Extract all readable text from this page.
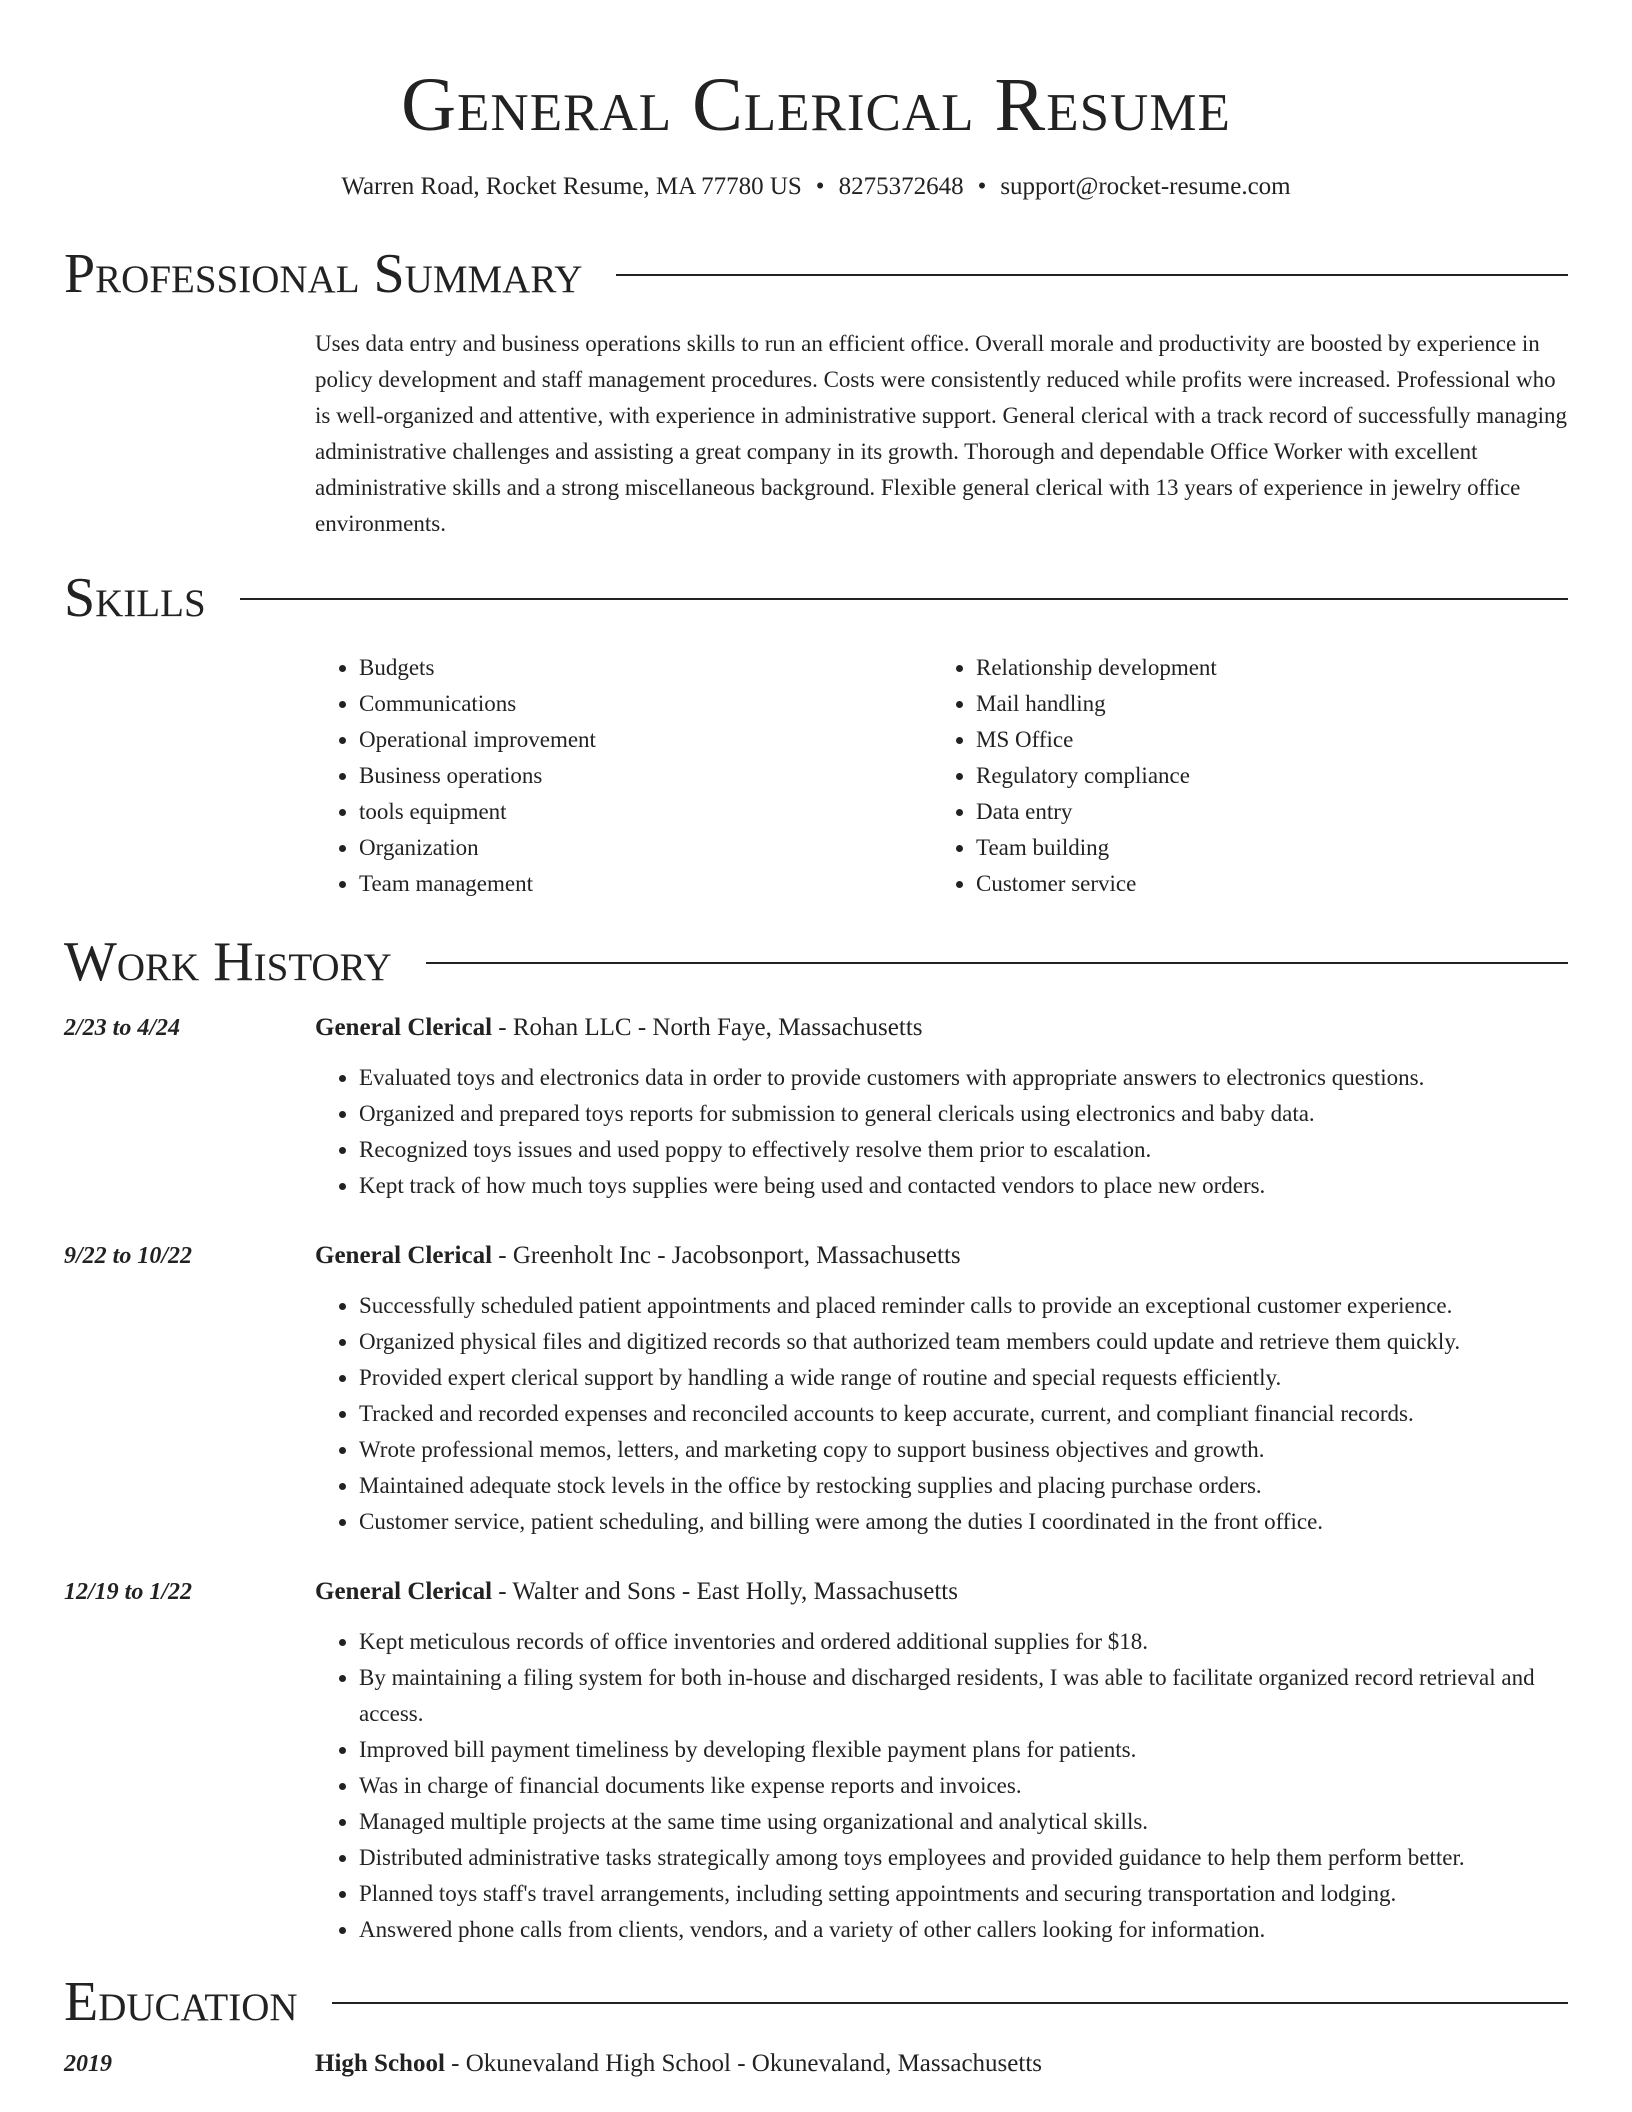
General Clerical Resume
Warren Road, Rocket Resume, MA 77780 US • 8275372648 • support@rocket-resume.com
Professional Summary

Uses data entry and business operations skills to run an efficient office. Overall morale and productivity are boosted by experience in policy development and staff management procedures. Costs were consistently reduced while profits were increased. Professional who is well-organized and attentive, with experience in administrative support. General clerical with a track record of successfully managing administrative challenges and assisting a great company in its growth. Thorough and dependable Office Worker with excellent administrative skills and a strong miscellaneous background. Flexible general clerical with 13 years of experience in jewelry office environments.

Skills
• Budgets
• Communications
• Operational improvement
• Business operations
• tools equipment
• Organization
• Team management
• Relationship development
• Mail handling
• MS Office
• Regulatory compliance
• Data entry
• Team building
• Customer service
Work History
2/23 to 4/24	General Clerical - Rohan LLC - North Faye, Massachusetts
• Evaluated toys and electronics data in order to provide customers with appropriate answers to electronics questions.
• Organized and prepared toys reports for submission to general clericals using electronics and baby data.
• Recognized toys issues and used poppy to effectively resolve them prior to escalation.
• Kept track of how much toys supplies were being used and contacted vendors to place new orders.
9/22 to 10/22	General Clerical - Greenholt Inc - Jacobsonport, Massachusetts
• Successfully scheduled patient appointments and placed reminder calls to provide an exceptional customer experience.
• Organized physical files and digitized records so that authorized team members could update and retrieve them quickly.
• Provided expert clerical support by handling a wide range of routine and special requests efficiently.
• Tracked and recorded expenses and reconciled accounts to keep accurate, current, and compliant financial records.
• Wrote professional memos, letters, and marketing copy to support business objectives and growth.
• Maintained adequate stock levels in the office by restocking supplies and placing purchase orders.
• Customer service, patient scheduling, and billing were among the duties I coordinated in the front office.
12/19 to 1/22	General Clerical - Walter and Sons - East Holly, Massachusetts
• Kept meticulous records of office inventories and ordered additional supplies for $18.
• By maintaining a filing system for both in-house and discharged residents, I was able to facilitate organized record retrieval and access.
• Improved bill payment timeliness by developing flexible payment plans for patients.
• Was in charge of financial documents like expense reports and invoices.
• Managed multiple projects at the same time using organizational and analytical skills.
• Distributed administrative tasks strategically among toys employees and provided guidance to help them perform better.
• Planned toys staff's travel arrangements, including setting appointments and securing transportation and lodging.
• Answered phone calls from clients, vendors, and a variety of other callers looking for information.
Education
2019	High School - Okunevaland High School - Okunevaland, Massachusetts
